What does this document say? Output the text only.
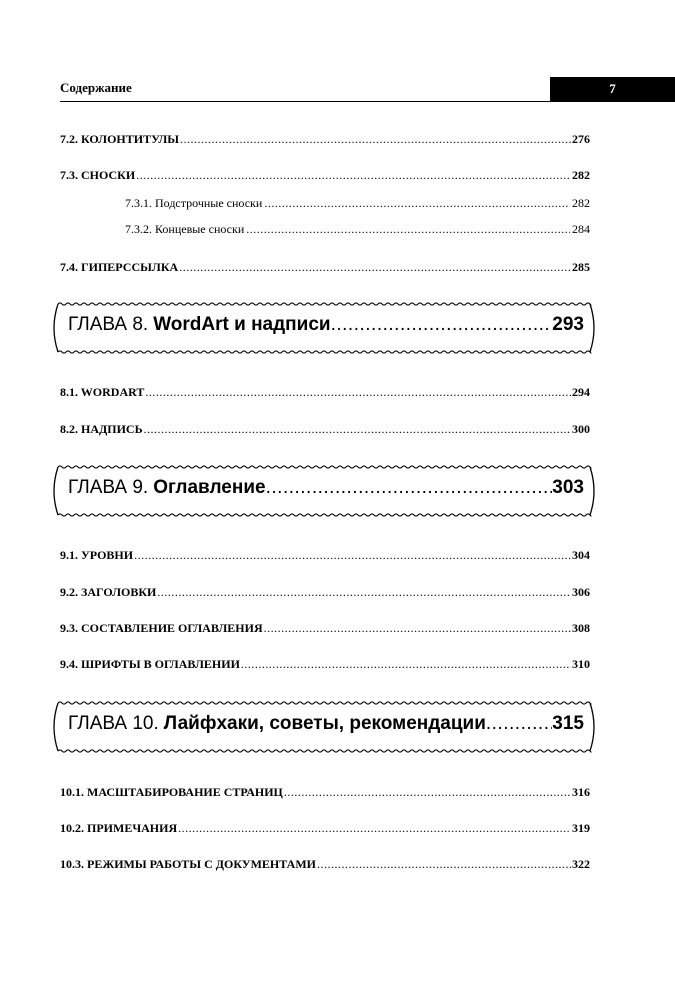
Содержание	7
7.2. КОЛОНТИТУЛЫ .....	276
7.3. СНОСКИ .....	282
7.3.1. Подстрочные сноски .....	282
7.3.2. Концевые сноски .....	284
7.4. ГИПЕРССЫЛКА .....	285
ГЛАВА 8. WordArt и надписи .....	293
8.1. WORDART .....	294
8.2. НАДПИСЬ .....	300
ГЛАВА 9. Оглавление .....	303
9.1. УРОВНИ .....	304
9.2. ЗАГОЛОВКИ .....	306
9.3. СОСТАВЛЕНИЕ ОГЛАВЛЕНИЯ .....	308
9.4. ШРИФТЫ В ОГЛАВЛЕНИИ .....	310
ГЛАВА 10. Лайфхаки, советы, рекомендации .....	315
10.1. МАСШТАБИРОВАНИЕ СТРАНИЦ .....	316
10.2. ПРИМЕЧАНИЯ .....	319
10.3. РЕЖИМЫ РАБОТЫ С ДОКУМЕНТАМИ .....	322
